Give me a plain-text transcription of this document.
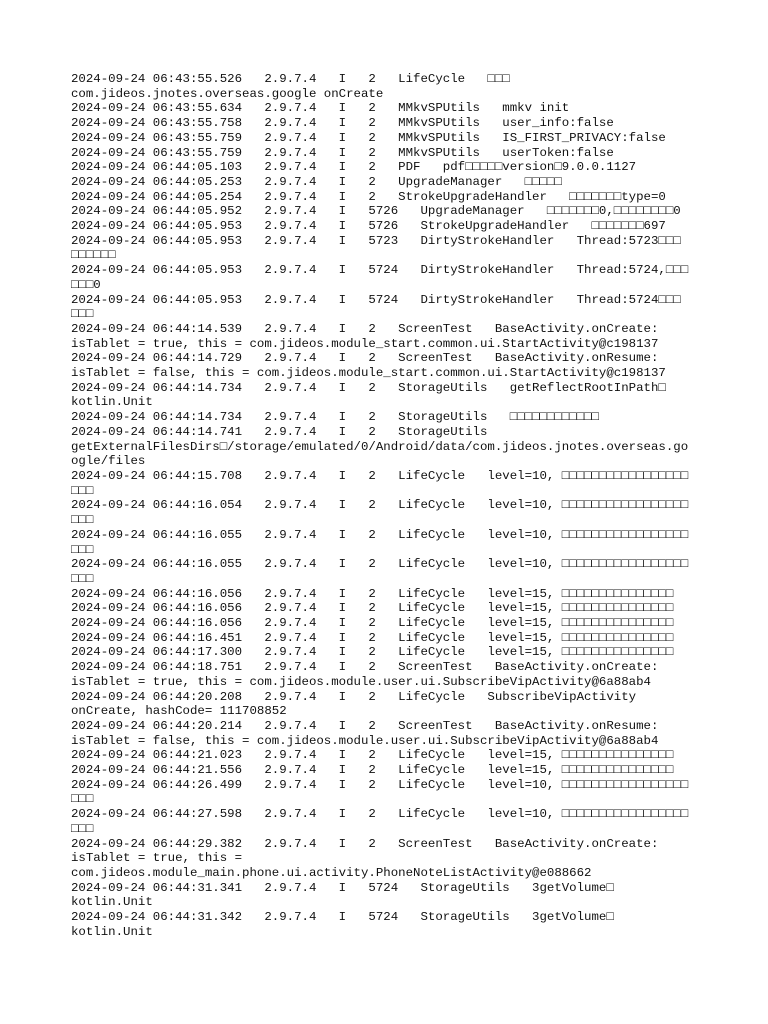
2024-09-24 06:43:55.526   2.9.7.4   I   2   LifeCycle   □□□
com.jideos.jnotes.overseas.google onCreate
2024-09-24 06:43:55.634   2.9.7.4   I   2   MMkvSPUtils   mmkv init
2024-09-24 06:43:55.758   2.9.7.4   I   2   MMkvSPUtils   user_info:false
2024-09-24 06:43:55.759   2.9.7.4   I   2   MMkvSPUtils   IS_FIRST_PRIVACY:false
2024-09-24 06:43:55.759   2.9.7.4   I   2   MMkvSPUtils   userToken:false
2024-09-24 06:44:05.103   2.9.7.4   I   2   PDF   pdf□□□□□version□9.0.0.1127
2024-09-24 06:44:05.253   2.9.7.4   I   2   UpgradeManager   □□□□□
2024-09-24 06:44:05.254   2.9.7.4   I   2   StrokeUpgradeHandler   □□□□□□□type=0
2024-09-24 06:44:05.952   2.9.7.4   I   5726   UpgradeManager   □□□□□□□0,□□□□□□□□0
2024-09-24 06:44:05.953   2.9.7.4   I   5726   StrokeUpgradeHandler   □□□□□□□697
2024-09-24 06:44:05.953   2.9.7.4   I   5723   DirtyStrokeHandler   Thread:5723□□□
□□□□□□
2024-09-24 06:44:05.953   2.9.7.4   I   5724   DirtyStrokeHandler   Thread:5724,□□□
□□□0
2024-09-24 06:44:05.953   2.9.7.4   I   5724   DirtyStrokeHandler   Thread:5724□□□
□□□
2024-09-24 06:44:14.539   2.9.7.4   I   2   ScreenTest   BaseActivity.onCreate:
isTablet = true, this = com.jideos.module_start.common.ui.StartActivity@c198137
2024-09-24 06:44:14.729   2.9.7.4   I   2   ScreenTest   BaseActivity.onResume:
isTablet = false, this = com.jideos.module_start.common.ui.StartActivity@c198137
2024-09-24 06:44:14.734   2.9.7.4   I   2   StorageUtils   getReflectRootInPath□
kotlin.Unit
2024-09-24 06:44:14.734   2.9.7.4   I   2   StorageUtils   □□□□□□□□□□□□
2024-09-24 06:44:14.741   2.9.7.4   I   2   StorageUtils
getExternalFilesDirs□/storage/emulated/0/Android/data/com.jideos.jnotes.overseas.go
ogle/files
2024-09-24 06:44:15.708   2.9.7.4   I   2   LifeCycle   level=10, □□□□□□□□□□□□□□□□□
□□□
2024-09-24 06:44:16.054   2.9.7.4   I   2   LifeCycle   level=10, □□□□□□□□□□□□□□□□□
□□□
2024-09-24 06:44:16.055   2.9.7.4   I   2   LifeCycle   level=10, □□□□□□□□□□□□□□□□□
□□□
2024-09-24 06:44:16.055   2.9.7.4   I   2   LifeCycle   level=10, □□□□□□□□□□□□□□□□□
□□□
2024-09-24 06:44:16.056   2.9.7.4   I   2   LifeCycle   level=15, □□□□□□□□□□□□□□□
2024-09-24 06:44:16.056   2.9.7.4   I   2   LifeCycle   level=15, □□□□□□□□□□□□□□□
2024-09-24 06:44:16.056   2.9.7.4   I   2   LifeCycle   level=15, □□□□□□□□□□□□□□□
2024-09-24 06:44:16.451   2.9.7.4   I   2   LifeCycle   level=15, □□□□□□□□□□□□□□□
2024-09-24 06:44:17.300   2.9.7.4   I   2   LifeCycle   level=15, □□□□□□□□□□□□□□□
2024-09-24 06:44:18.751   2.9.7.4   I   2   ScreenTest   BaseActivity.onCreate:
isTablet = true, this = com.jideos.module.user.ui.SubscribeVipActivity@6a88ab4
2024-09-24 06:44:20.208   2.9.7.4   I   2   LifeCycle   SubscribeVipActivity
onCreate, hashCode= 111708852
2024-09-24 06:44:20.214   2.9.7.4   I   2   ScreenTest   BaseActivity.onResume:
isTablet = false, this = com.jideos.module.user.ui.SubscribeVipActivity@6a88ab4
2024-09-24 06:44:21.023   2.9.7.4   I   2   LifeCycle   level=15, □□□□□□□□□□□□□□□
2024-09-24 06:44:21.556   2.9.7.4   I   2   LifeCycle   level=15, □□□□□□□□□□□□□□□
2024-09-24 06:44:26.499   2.9.7.4   I   2   LifeCycle   level=10, □□□□□□□□□□□□□□□□□
□□□
2024-09-24 06:44:27.598   2.9.7.4   I   2   LifeCycle   level=10, □□□□□□□□□□□□□□□□□
□□□
2024-09-24 06:44:29.382   2.9.7.4   I   2   ScreenTest   BaseActivity.onCreate:
isTablet = true, this =
com.jideos.module_main.phone.ui.activity.PhoneNoteListActivity@e088662
2024-09-24 06:44:31.341   2.9.7.4   I   5724   StorageUtils   3getVolume□
kotlin.Unit
2024-09-24 06:44:31.342   2.9.7.4   I   5724   StorageUtils   3getVolume□
kotlin.Unit
